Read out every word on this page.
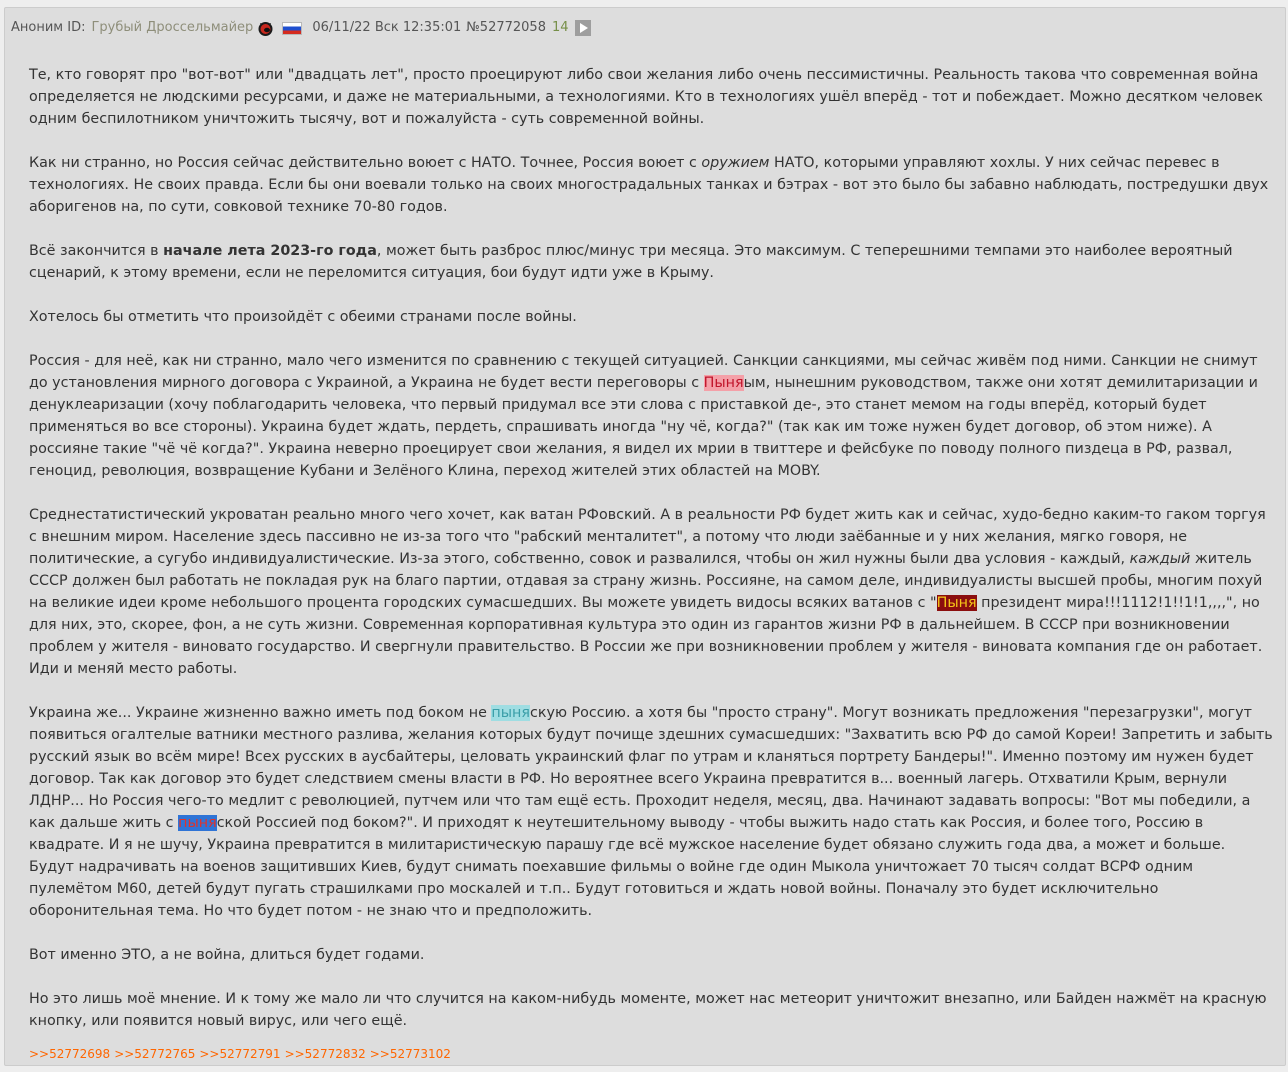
Аноним ID: Грубый Дроссельмайер	06/11/22 Вск 12:35:01 №52772058 14

Те, кто говорят про "вот-вот" или "двадцать лет", просто проецируют либо свои желания либо очень пессимистичны. Реальность такова что современная война определяется не людскими ресурсами, и даже не материальными, а технологиями. Кто в технологиях ушёл вперёд - тот и побеждает. Можно десятком человек одним беспилотником уничтожить тысячу, вот и пожалуйста - суть современной войны.

Как ни странно, но Россия сейчас действительно воюет с НАТО. Точнее, Россия воюет с оружием НАТО, которыми управляют хохлы. У них сейчас перевес в технологиях. Не своих правда. Если бы они воевали только на своих многострадальных танках и бэтрах - вот это было бы забавно наблюдать, постредушки двух аборигенов на, по сути, совковой технике 70-80 годов.

Всё закончится в начале лета 2023-го года, может быть разброс плюс/минус три месяца. Это максимум. С теперешними темпами это наиболее вероятный сценарий, к этому времени, если не переломится ситуация, бои будут идти уже в Крыму.

Хотелось бы отметить что произойдёт с обеими странами после войны.

Россия - для неё, как ни странно, мало чего изменится по сравнению с текущей ситуацией. Санкции санкциями, мы сейчас живём под ними. Санкции не снимут до установления мирного договора с Украиной, а Украина не будет вести переговоры с Пыняым, нынешним руководством, также они хотят демилитаризации и денуклеаризации (хочу поблагодарить человека, что первый придумал все эти слова с приставкой де-, это станет мемом на годы вперёд, который будет применяться во все стороны). Украина будет ждать, пердеть, спрашивать иногда "ну чё, когда?" (так как им тоже нужен будет договор, об этом ниже). А россияне такие "чё чё когда?". Украина неверно проецирует свои желания, я видел их мрии в твиттере и фейсбуке по поводу полного пиздеца в РФ, развал, геноцид, революция, возвращение Кубани и Зелёного Клина, переход жителей этих областей на MOBY.

Среднестатистический укроватан реально много чего хочет, как ватан РФовский. А в реальности РФ будет жить как и сейчас, худо-бедно каким-то гаком торгуя с внешним миром. Население здесь пассивно не из-за того что "рабский менталитет", а потому что люди заёбанные и у них желания, мягко говоря, не политические, а сугубо индивидуалистические. Из-за этого, собственно, совок и развалился, чтобы он жил нужны были два условия - каждый, каждый житель СССР должен был работать не покладая рук на благо партии, отдавая за страну жизнь. Россияне, на самом деле, индивидуалисты высшей пробы, многим похуй на великие идеи кроме небольшого процента городских сумасшедших. Вы можете увидеть видосы всяких ватанов с "Пыня президент мира!!!1112!1!!1!1,,,,", но для них, это, скорее, фон, а не суть жизни. Современная корпоративная культура это один из гарантов жизни РФ в дальнейшем. В СССР при возникновении проблем у жителя - виновато государство. И свергнули правительство. В России же при возникновении проблем у жителя - виновата компания где он работает. Иди и меняй место работы.

Украина же... Украине жизненно важно иметь под боком не пыняскую Россию. а хотя бы "просто страну". Могут возникать предложения "перезагрузки", могут появиться огалтелые ватники местного разлива, желания которых будут почище здешних сумасшедших: "Захватить всю РФ до самой Кореи! Запретить и забыть русский язык во всём мире! Всех русских в аусбайтеры, целовать украинский флаг по утрам и кланяться портрету Бандеры!". Именно поэтому им нужен будет договор. Так как договор это будет следствием смены власти в РФ. Но вероятнее всего Украина превратится в... военный лагерь. Отхватили Крым, вернули ЛДНР... Но Россия чего-то медлит с революцией, путчем или что там ещё есть. Проходит неделя, месяц, два. Начинают задавать вопросы: "Вот мы победили, а как дальше жить с пыняской Россией под боком?". И приходят к неутешительному выводу - чтобы выжить надо стать как Россия, и более того, Россию в квадрате. И я не шучу, Украина превратится в милитаристическую парашу где всё мужское население будет обязано служить года два, а может и больше. Будут надрачивать на военов защитивших Киев, будут снимать поехавшие фильмы о войне где один Мыкола уничтожает 70 тысяч солдат ВСРФ одним пулемётом М60, детей будут пугать страшилками про москалей и т.п.. Будут готовиться и ждать новой войны. Поначалу это будет исключительно оборонительная тема. Но что будет потом - не знаю что и предположить.

Вот именно ЭТО, а не война, длиться будет годами.

Но это лишь моё мнение. И к тому же мало ли что случится на каком-нибудь моменте, может нас метеорит уничтожит внезапно, или Байден нажмёт на красную кнопку, или появится новый вирус, или чего ещё.

>>52772698 >>52772765 >>52772791 >>52772832 >>52773102
